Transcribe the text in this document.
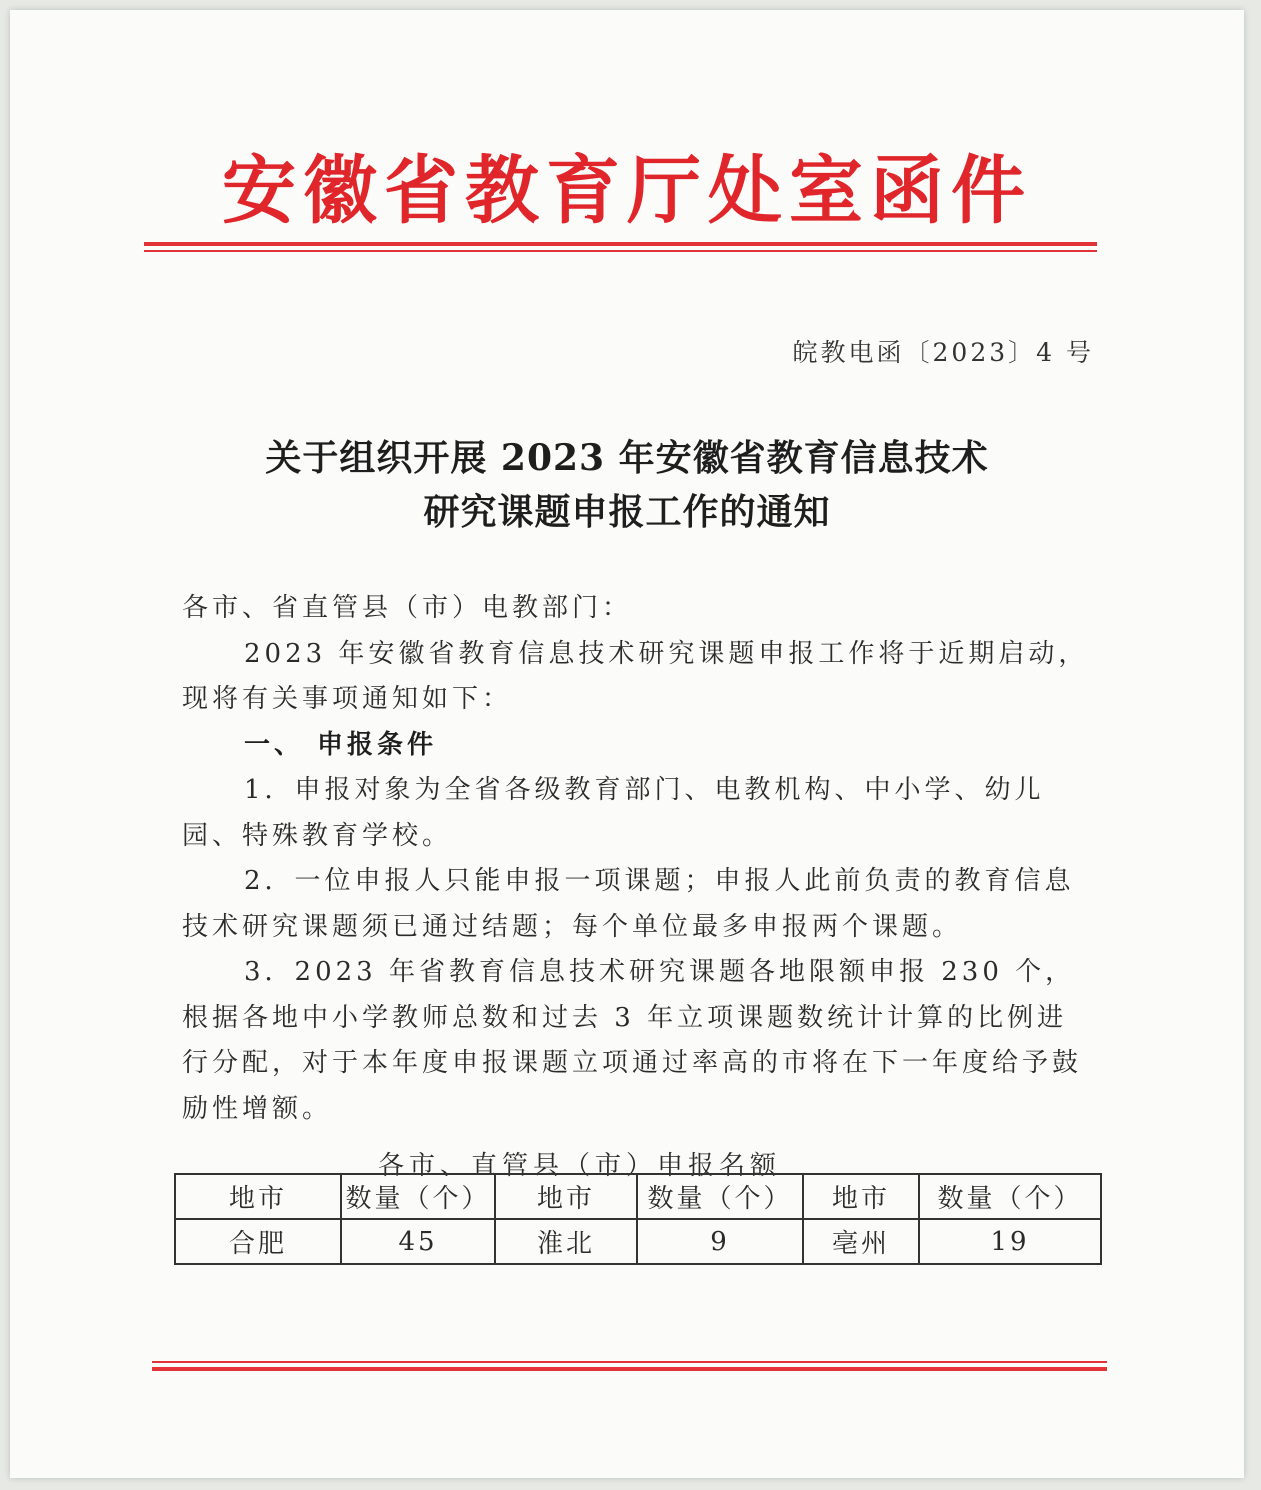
安徽省教育厅处室函件
皖教电函〔2023〕4 号
关于组织开展 2023 年安徽省教育信息技术
研究课题申报工作的通知

各市、省直管县（市）电教部门：

2023 年安徽省教育信息技术研究课题申报工作将于近期启动，现将有关事项通知如下：

一、 申报条件

1．申报对象为全省各级教育部门、电教机构、中小学、幼儿园、特殊教育学校。

2．一位申报人只能申报一项课题；申报人此前负责的教育信息技术研究课题须已通过结题；每个单位最多申报两个课题。

3．2023 年省教育信息技术研究课题各地限额申报 230 个，根据各地中小学教师总数和过去 3 年立项课题数统计计算的比例进行分配，对于本年度申报课题立项通过率高的市将在下一年度给予鼓励性增额。

各市、直管县（市）申报名额
地市	数量（个）	地市	数量（个）	地市	数量（个）
合肥	45	淮北	9	亳州	19
